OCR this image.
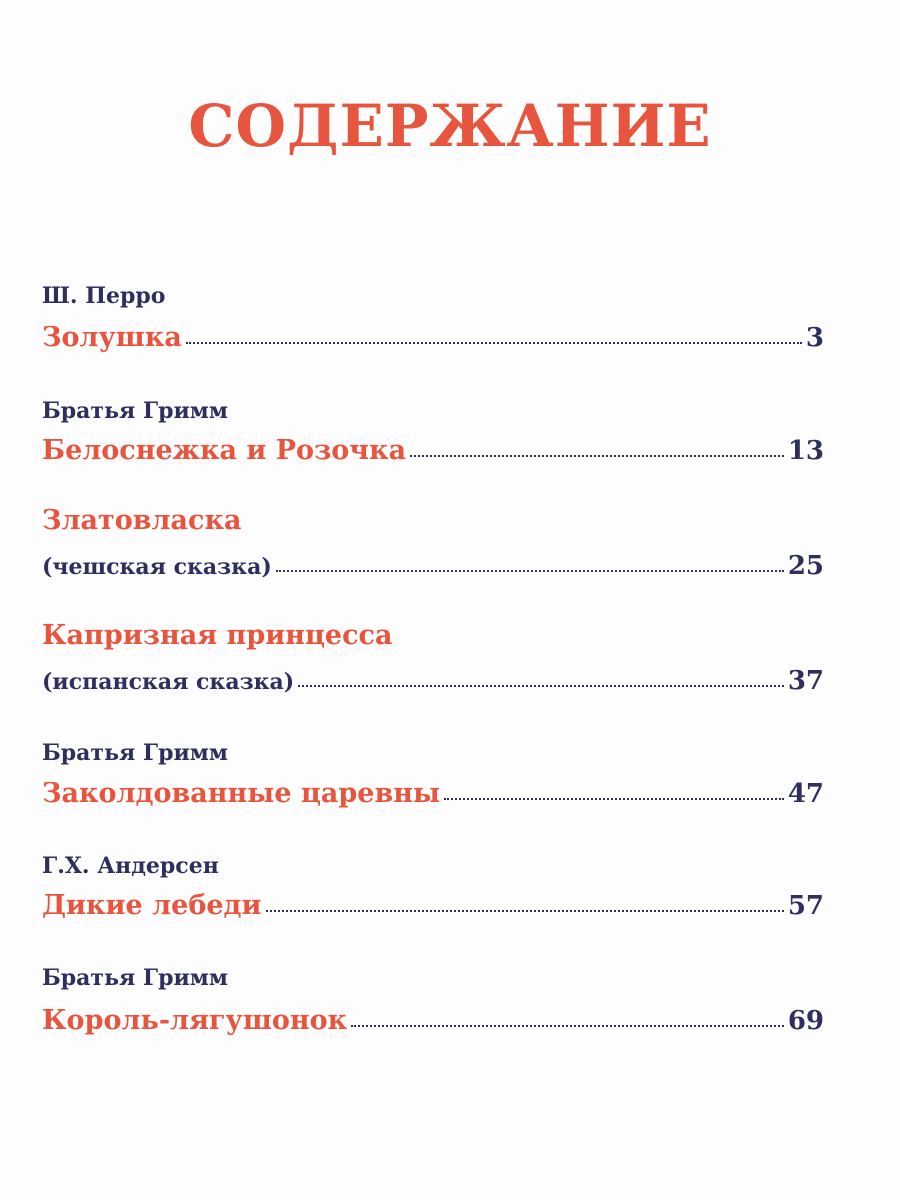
СОДЕРЖАНИЕ
Ш. Перро
Золушка	3
Братья Гримм
Белоснежка и Розочка	13
Златовласка
(чешская сказка)	25
Капризная принцесса
(испанская сказка)	37
Братья Гримм
Заколдованные царевны	47
Г.Х. Андерсен
Дикие лебеди	57
Братья Гримм
Король-лягушонок	69
